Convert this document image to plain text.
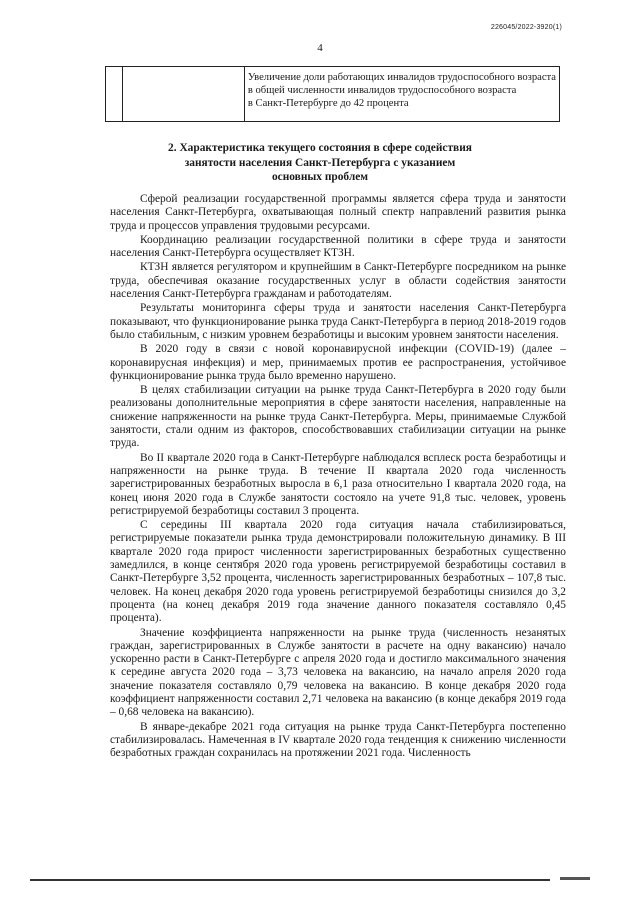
226045/2022-3920(1)
4

Увеличение доли работающих инвалидов трудоспособного возраста
в общей численности инвалидов трудоспособного возраста
в Санкт-Петербурге до 42 процента
2. Характеристика текущего состояния в сфере содействия
занятости населения Санкт-Петербурга с указанием
основных проблем

Сферой реализации государственной программы является сфера труда и занятости населения Санкт-Петербурга, охватывающая полный спектр направлений развития рынка труда и процессов управления трудовыми ресурсами.

Координацию реализации государственной политики в сфере труда и занятости населения Санкт-Петербурга осуществляет КТЗН.

КТЗН является регулятором и крупнейшим в Санкт-Петербурге посредником на рынке труда, обеспечивая оказание государственных услуг в области содействия занятости населения Санкт-Петербурга гражданам и работодателям.

Результаты мониторинга сферы труда и занятости населения Санкт-Петербурга показывают, что функционирование рынка труда Санкт-Петербурга в период 2018-2019 годов было стабильным, с низким уровнем безработицы и высоким уровнем занятости населения.

В 2020 году в связи с новой коронавирусной инфекции (COVID-19) (далее – коронавирусная инфекция) и мер, принимаемых против ее распространения, устойчивое функционирование рынка труда было временно нарушено.

В целях стабилизации ситуации на рынке труда Санкт-Петербурга в 2020 году были реализованы дополнительные мероприятия в сфере занятости населения, направленные на снижение напряженности на рынке труда Санкт-Петербурга. Меры, принимаемые Службой занятости, стали одним из факторов, способствовавших стабилизации ситуации на рынке труда.

Во II квартале 2020 года в Санкт-Петербурге наблюдался всплеск роста безработицы и напряженности на рынке труда. В течение II квартала 2020 года численность зарегистрированных безработных выросла в 6,1 раза относительно I квартала 2020 года, на конец июня 2020 года в Службе занятости состояло на учете 91,8 тыс. человек, уровень регистрируемой безработицы составил 3 процента.

С середины III квартала 2020 года ситуация начала стабилизироваться, регистрируемые показатели рынка труда демонстрировали положительную динамику. В III квартале 2020 года прирост численности зарегистрированных безработных существенно замедлился, в конце сентября 2020 года уровень регистрируемой безработицы составил в Санкт-Петербурге 3,52 процента, численность зарегистрированных безработных – 107,8 тыс. человек. На конец декабря 2020 года уровень регистрируемой безработицы снизился до 3,2 процента (на конец декабря 2019 года значение данного показателя составляло 0,45 процента).

Значение коэффициента напряженности на рынке труда (численность незанятых граждан, зарегистрированных в Службе занятости в расчете на одну вакансию) начало ускоренно расти в Санкт-Петербурге с апреля 2020 года и достигло максимального значения к середине августа 2020 года – 3,73 человека на вакансию, на начало апреля 2020 года значение показателя составляло 0,79 человека на вакансию. В конце декабря 2020 года коэффициент напряженности составил 2,71 человека на вакансию (в конце декабря 2019 года – 0,68 человека на вакансию).

В январе-декабре 2021 года ситуация на рынке труда Санкт-Петербурга постепенно стабилизировалась. Намеченная в IV квартале 2020 года тенденция к снижению численности безработных граждан сохранилась на протяжении 2021 года. Численность
